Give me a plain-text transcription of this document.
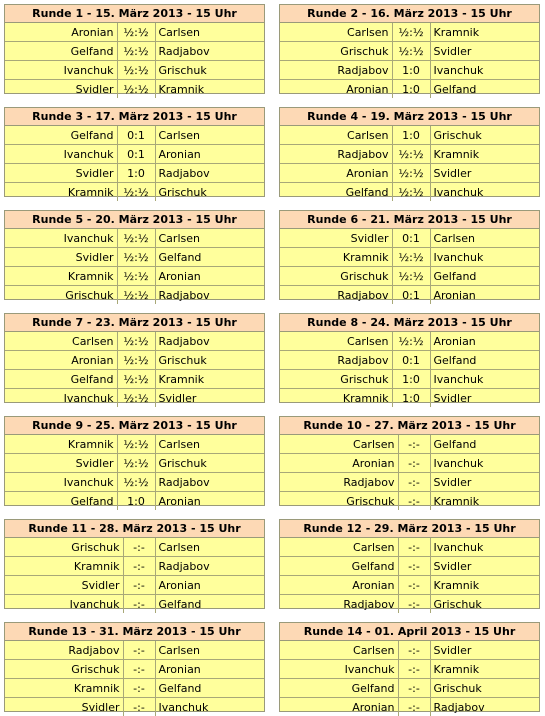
Runde 1 - 15. März 2013 - 15 Uhr		
Aronian	½:½	Carlsen
Gelfand	½:½	Radjabov
Ivanchuk	½:½	Grischuk
Svidler	½:½	Kramnik
Runde 2 - 16. März 2013 - 15 Uhr		
Carlsen	½:½	Kramnik
Grischuk	½:½	Svidler
Radjabov	1:0	Ivanchuk
Aronian	1:0	Gelfand
Runde 3 - 17. März 2013 - 15 Uhr		
Gelfand	0:1	Carlsen
Ivanchuk	0:1	Aronian
Svidler	1:0	Radjabov
Kramnik	½:½	Grischuk
Runde 4 - 19. März 2013 - 15 Uhr		
Carlsen	1:0	Grischuk
Radjabov	½:½	Kramnik
Aronian	½:½	Svidler
Gelfand	½:½	Ivanchuk
Runde 5 - 20. März 2013 - 15 Uhr		
Ivanchuk	½:½	Carlsen
Svidler	½:½	Gelfand
Kramnik	½:½	Aronian
Grischuk	½:½	Radjabov
Runde 6 - 21. März 2013 - 15 Uhr		
Svidler	0:1	Carlsen
Kramnik	½:½	Ivanchuk
Grischuk	½:½	Gelfand
Radjabov	0:1	Aronian
Runde 7 - 23. März 2013 - 15 Uhr		
Carlsen	½:½	Radjabov
Aronian	½:½	Grischuk
Gelfand	½:½	Kramnik
Ivanchuk	½:½	Svidler
Runde 8 - 24. März 2013 - 15 Uhr		
Carlsen	½:½	Aronian
Radjabov	0:1	Gelfand
Grischuk	1:0	Ivanchuk
Kramnik	1:0	Svidler
Runde 9 - 25. März 2013 - 15 Uhr		
Kramnik	½:½	Carlsen
Svidler	½:½	Grischuk
Ivanchuk	½:½	Radjabov
Gelfand	1:0	Aronian
Runde 10 - 27. März 2013 - 15 Uhr		
Carlsen	-:-	Gelfand
Aronian	-:-	Ivanchuk
Radjabov	-:-	Svidler
Grischuk	-:-	Kramnik
Runde 11 - 28. März 2013 - 15 Uhr		
Grischuk	-:-	Carlsen
Kramnik	-:-	Radjabov
Svidler	-:-	Aronian
Ivanchuk	-:-	Gelfand
Runde 12 - 29. März 2013 - 15 Uhr		
Carlsen	-:-	Ivanchuk
Gelfand	-:-	Svidler
Aronian	-:-	Kramnik
Radjabov	-:-	Grischuk
Runde 13 - 31. März 2013 - 15 Uhr		
Radjabov	-:-	Carlsen
Grischuk	-:-	Aronian
Kramnik	-:-	Gelfand
Svidler	-:-	Ivanchuk
Runde 14 - 01. April 2013 - 15 Uhr		
Carlsen	-:-	Svidler
Ivanchuk	-:-	Kramnik
Gelfand	-:-	Grischuk
Aronian	-:-	Radjabov
